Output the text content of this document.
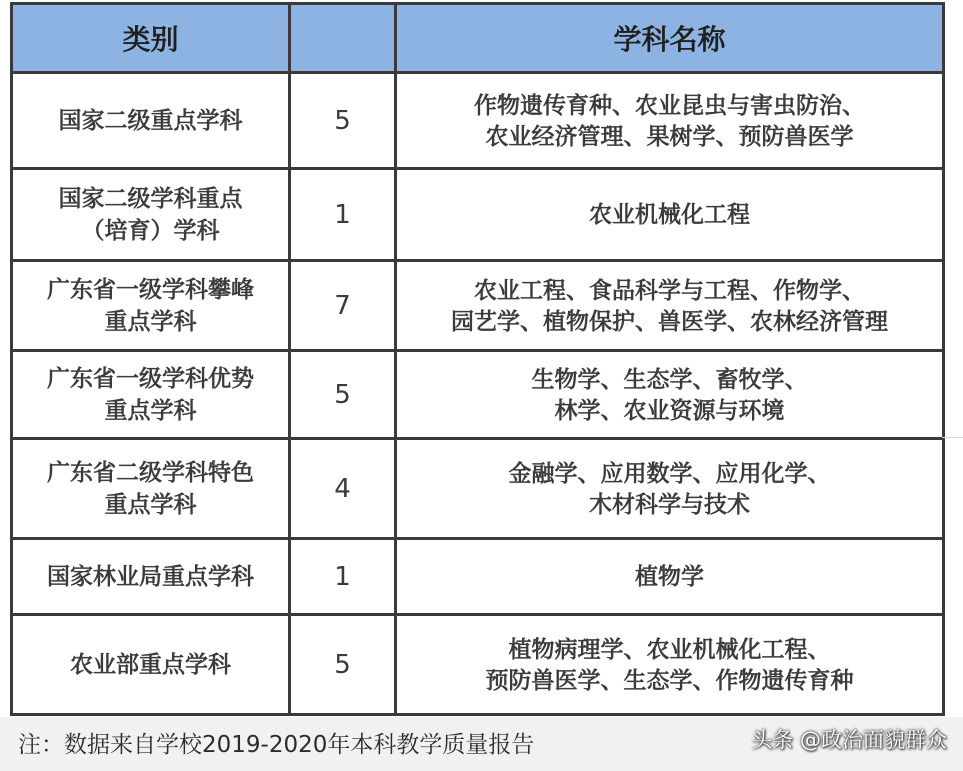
类别		学科名称

国家二级重点学科	5	作物遗传育种、农业昆虫与害虫防治、
农业经济管理、果树学、预防兽医学

国家二级学科重点
（培育）学科	1	农业机械化工程

广东省一级学科攀峰
重点学科	7	农业工程、食品科学与工程、作物学、
园艺学、植物保护、兽医学、农林经济管理

广东省一级学科优势
重点学科	5	生物学、生态学、畜牧学、
林学、农业资源与环境

广东省二级学科特色
重点学科	4	金融学、应用数学、应用化学、
木材科学与技术

国家林业局重点学科	1	植物学

农业部重点学科	5	植物病理学、农业机械化工程、
预防兽医学、生态学、作物遗传育种
注：数据来自学校2019-2020年本科教学质量报告	头条 @政治面貌群众
